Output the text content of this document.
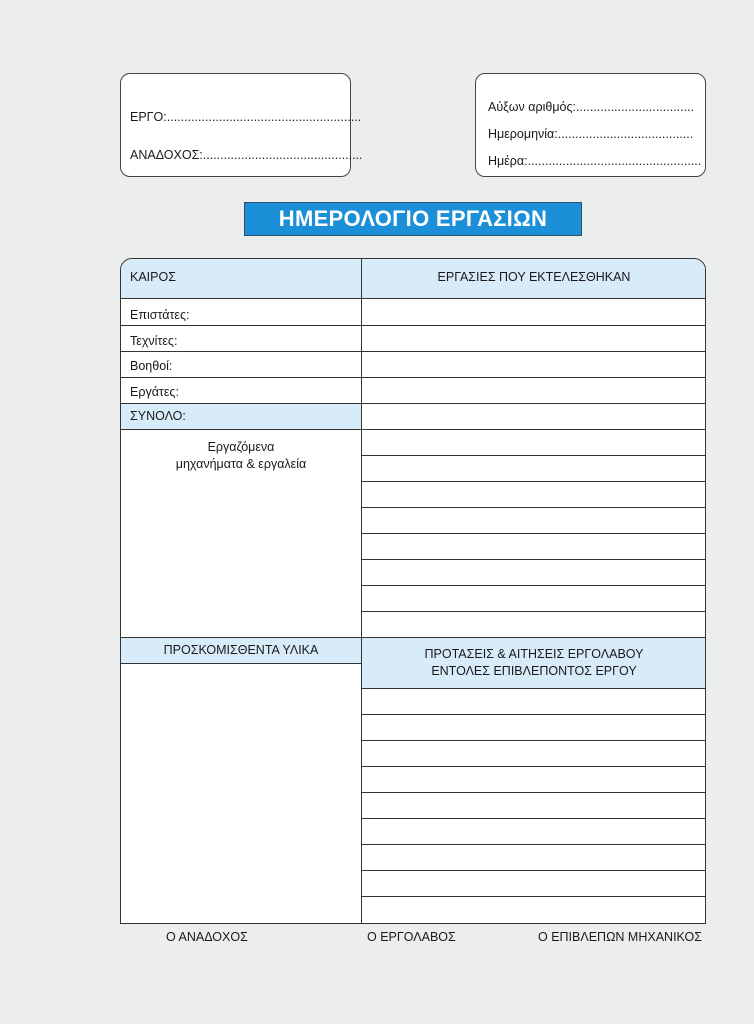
ΕΡΓΟ:........................................................
ΑΝΑΔΟΧΟΣ:..............................................
Αύξων αριθμός:..................................
Ημερομηνία:.......................................
Ημέρα:..................................................
ΗΜΕΡΟΛΟΓΙΟ ΕΡΓΑΣΙΩΝ
ΚΑΙΡΟΣ	ΕΡΓΑΣΙΕΣ ΠΟΥ ΕΚΤΕΛΕΣΘΗΚΑΝ
Επιστάτες:
Τεχνίτες:
Βοηθοί:
Εργάτες:
ΣΥΝΟΛΟ:
Εργαζόμενα
μηχανήματα & εργαλεία
ΠΡΟΣΚΟΜΙΣΘΕΝΤΑ ΥΛΙΚΑ	ΠΡΟΤΑΣΕΙΣ & ΑΙΤΗΣΕΙΣ ΕΡΓΟΛΑΒΟΥ
ΕΝΤΟΛΕΣ ΕΠΙΒΛΕΠΟΝΤΟΣ ΕΡΓΟΥ
Ο ΑΝΑΔΟΧΟΣ	Ο ΕΡΓΟΛΑΒΟΣ	Ο ΕΠΙΒΛΕΠΩΝ ΜΗΧΑΝΙΚΟΣ
